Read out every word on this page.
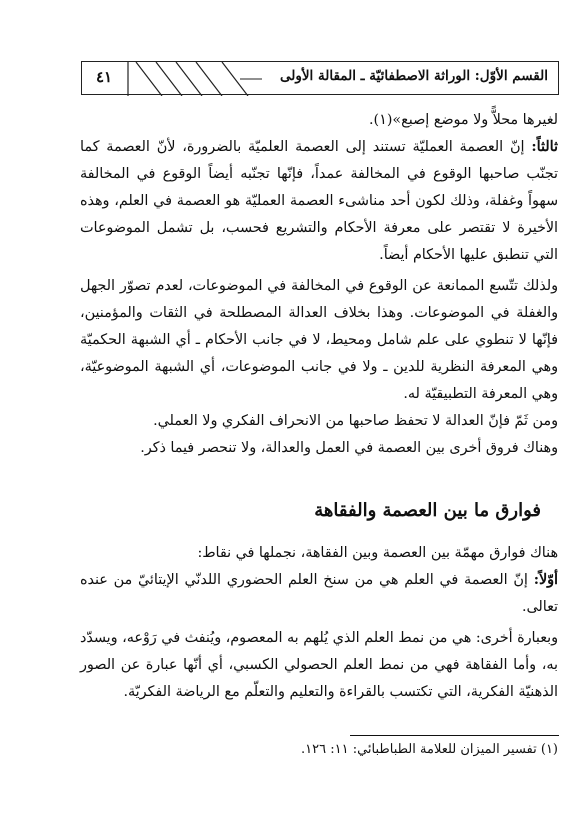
٤١	القسم الأوّل: الوراثة الاصطفائيّة ـ المقالة الأولى

لغيرها محلاًّ ولا موضع إصبع»(١).

ثالثاً: إنّ العصمة العمليّة تستند إلى العصمة العلميّة بالضرورة، لأنّ العصمة كما تجنّب صاحبها الوقوع في المخالفة عمداً، فإنّها تجنّبه أيضاً الوقوع في المخالفة سهواً وغفلة، وذلك لكون أحد مناشىء العصمة العمليّة هو العصمة في العلم، وهذه الأخيرة لا تقتصر على معرفة الأحكام والتشريع فحسب، بل تشمل الموضوعات التي تنطبق عليها الأحكام أيضاً.

ولذلك تتّسع الممانعة عن الوقوع في المخالفة في الموضوعات، لعدم تصوّر الجهل والغفلة في الموضوعات. وهذا بخلاف العدالة المصطلحة في الثقات والمؤمنين، فإنّها لا تنطوي على علم شامل ومحيط، لا في جانب الأحكام ـ أي الشبهة الحكميّة وهي المعرفة النظرية للدين ـ ولا في جانب الموضوعات، أي الشبهة الموضوعيّة، وهي المعرفة التطبيقيّة له.

ومن ثَمّ فإنّ العدالة لا تحفظ صاحبها من الانحراف الفكري ولا العملي.

وهناك فروق أخرى بين العصمة في العمل والعدالة، ولا تنحصر فيما ذكر.

فوارق ما بين العصمة والفقاهة

هناك فوارق مهمّة بين العصمة وبين الفقاهة، نجملها في نقاط:

أوّلاً: إنّ العصمة في العلم هي من سنخ العلم الحضوري اللدنّي الإيتائيّ من عنده تعالى.

وبعبارة أخرى: هي من نمط العلم الذي يُلهم به المعصوم، ويُنفث في رَوْعه، ويسدّد به، وأما الفقاهة فهي من نمط العلم الحصولي الكسبي، أي أنّها عبارة عن الصور الذهنيّة الفكرية، التي تكتسب بالقراءة والتعليم والتعلّم مع الرياضة الفكريّة.

(١) تفسير الميزان للعلامة الطباطبائي: ١١: ١٢٦.
